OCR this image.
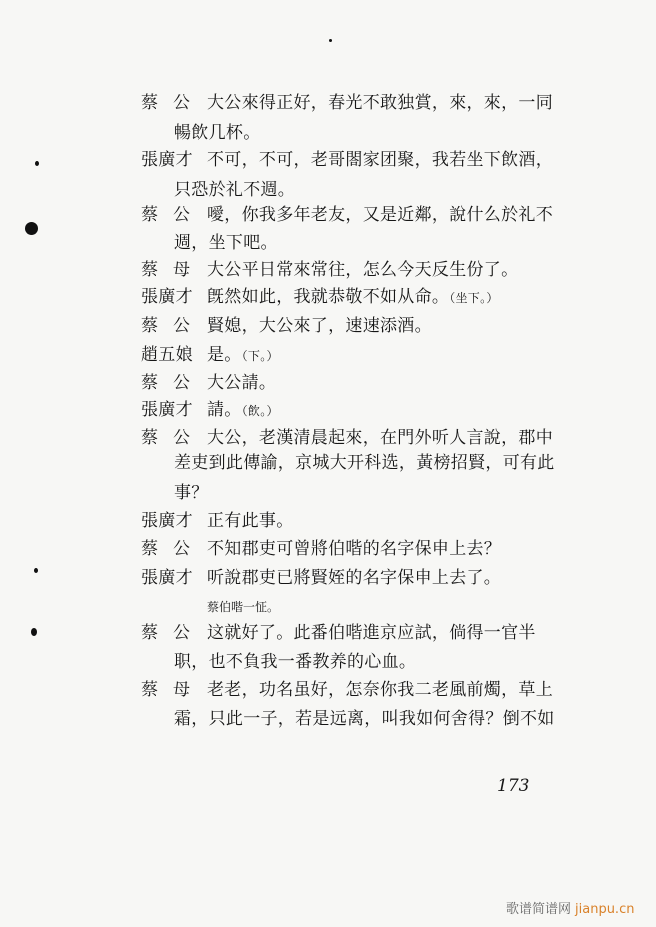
蔡公 大公來得正好，春光不敢独賞，來，來，一同
暢飲几杯。
張廣才 不可，不可，老哥閤家团聚，我若坐下飲酒，
只恐於礼不週。
蔡公 噯，你我多年老友，又是近鄰，說什么於礼不
週，坐下吧。
蔡母 大公平日常來常往，怎么今天反生份了。
張廣才 旣然如此，我就恭敬不如从命。（坐下。）
蔡公 賢媳，大公來了，速速添酒。
趙五娘 是。（下。）
蔡公 大公請。
張廣才 請。（飲。）
蔡公 大公，老漢清晨起來，在門外听人言說，郡中
差吏到此傳諭，京城大开科选，黃榜招賢，可有此
事？
張廣才 正有此事。
蔡公 不知郡吏可曾將伯喈的名字保申上去？
張廣才 听說郡吏已將賢姪的名字保申上去了。
蔡伯喈一怔。
蔡公 这就好了。此番伯喈進京应試，倘得一官半
职，也不負我一番教养的心血。
蔡母 老老，功名虽好，怎奈你我二老風前燭，草上
霜，只此一子，若是远离，叫我如何舍得？倒不如
173
歌谱简谱网 jianpu.cn
